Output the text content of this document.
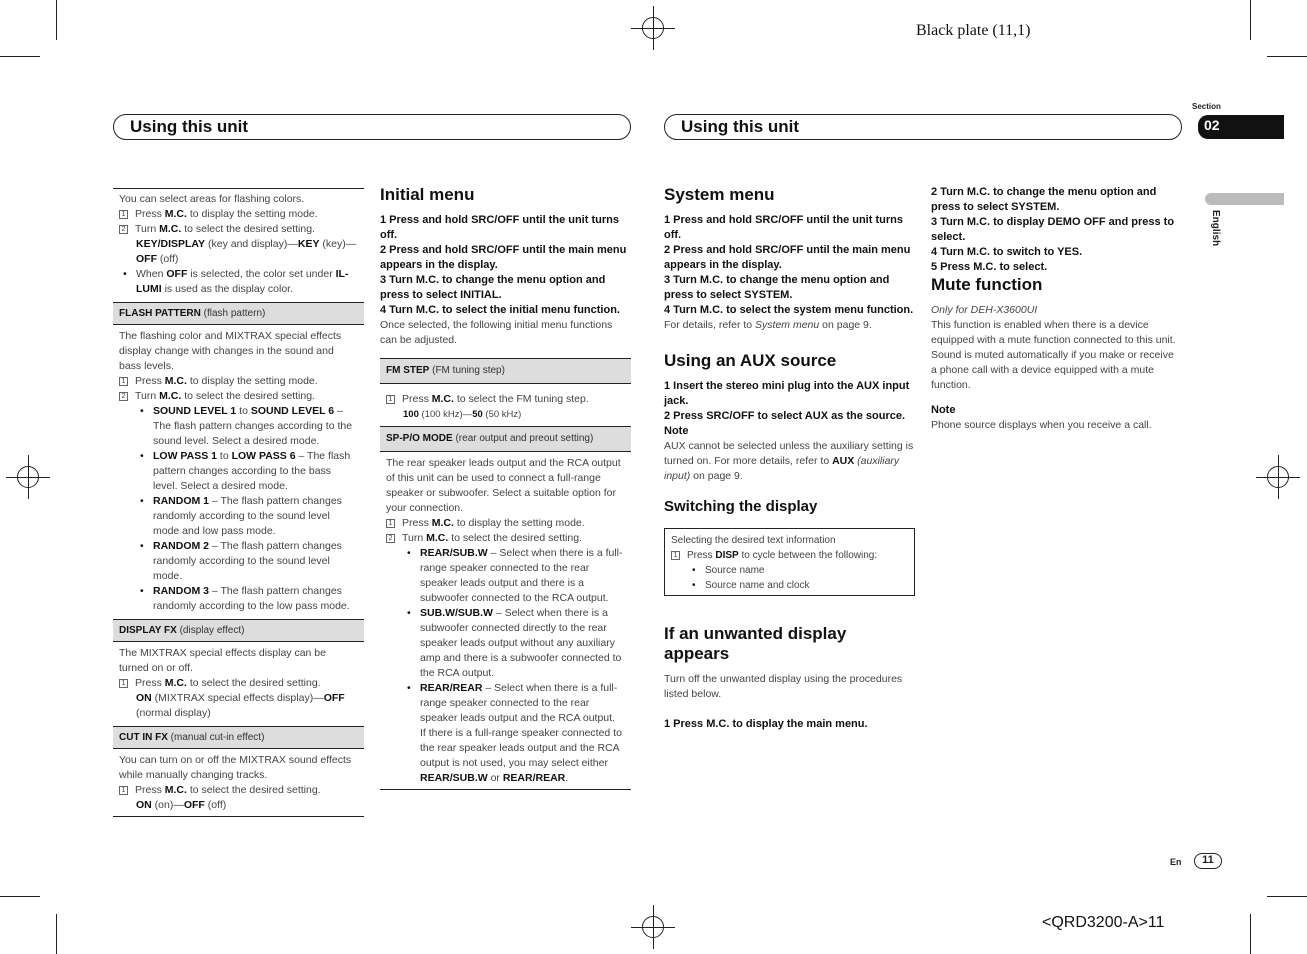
Black plate (11,1)
<QRD3200-A>11
Using this unit	Using this unit
Section
02
English

You can select areas for flashing colors.

1 Press M.C. to display the setting mode.

2 Turn M.C. to select the desired setting.

KEY/DISPLAY (key and display)—KEY (key)—OFF (off)

• When OFF is selected, the color set under IL-LUMI is used as the display color.

FLASH PATTERN (flash pattern)

The flashing color and MIXTRAX special effects display change with changes in the sound and bass levels.

1 Press M.C. to display the setting mode.

2 Turn M.C. to select the desired setting.

• SOUND LEVEL 1 to SOUND LEVEL 6 – The flash pattern changes according to the sound level. Select a desired mode.

• LOW PASS 1 to LOW PASS 6 – The flash pattern changes according to the bass level. Select a desired mode.

• RANDOM 1 – The flash pattern changes randomly according to the sound level mode and low pass mode.

• RANDOM 2 – The flash pattern changes randomly according to the sound level mode.

• RANDOM 3 – The flash pattern changes randomly according to the low pass mode.

DISPLAY FX (display effect)

The MIXTRAX special effects display can be turned on or off.

1 Press M.C. to select the desired setting.

ON (MIXTRAX special effects display)—OFF (normal display)

CUT IN FX (manual cut-in effect)

You can turn on or off the MIXTRAX sound effects while manually changing tracks.

1 Press M.C. to select the desired setting.

ON (on)—OFF (off)

Initial menu

1 Press and hold SRC/OFF until the unit turns off.

2 Press and hold SRC/OFF until the main menu appears in the display.

3 Turn M.C. to change the menu option and press to select INITIAL.

4 Turn M.C. to select the initial menu function.

Once selected, the following initial menu functions can be adjusted.

FM STEP (FM tuning step)

1 Press M.C. to select the FM tuning step.

100 (100 kHz)—50 (50 kHz)

SP-P/O MODE (rear output and preout setting)

The rear speaker leads output and the RCA output of this unit can be used to connect a full-range speaker or subwoofer. Select a suitable option for your connection.

1 Press M.C. to display the setting mode.

2 Turn M.C. to select the desired setting.

• REAR/SUB.W – Select when there is a full-range speaker connected to the rear speaker leads output and there is a subwoofer connected to the RCA output.

• SUB.W/SUB.W – Select when there is a subwoofer connected directly to the rear speaker leads output without any auxiliary amp and there is a subwoofer connected to the RCA output.

• REAR/REAR – Select when there is a full-range speaker connected to the rear speaker leads output and the RCA output.

If there is a full-range speaker connected to the rear speaker leads output and the RCA output is not used, you may select either REAR/SUB.W or REAR/REAR.

System menu

1 Press and hold SRC/OFF until the unit turns off.

2 Press and hold SRC/OFF until the main menu appears in the display.

3 Turn M.C. to change the menu option and press to select SYSTEM.

4 Turn M.C. to select the system menu function.

For details, refer to System menu on page 9.

Using an AUX source

1 Insert the stereo mini plug into the AUX input jack.

2 Press SRC/OFF to select AUX as the source.

Note

AUX cannot be selected unless the auxiliary setting is turned on. For more details, refer to AUX (auxiliary input) on page 9.

Switching the display

Selecting the desired text information

1 Press DISP to cycle between the following:

• Source name

• Source name and clock

If an unwanted display appears

Turn off the unwanted display using the procedures listed below.

1 Press M.C. to display the main menu.

2 Turn M.C. to change the menu option and press to select SYSTEM.

3 Turn M.C. to display DEMO OFF and press to select.

4 Turn M.C. to switch to YES.

5 Press M.C. to select.

Mute function

Only for DEH-X3600UI

This function is enabled when there is a device equipped with a mute function connected to this unit.

Sound is muted automatically if you make or receive a phone call with a device equipped with a mute function.

Note

Phone source displays when you receive a call.

En	11
